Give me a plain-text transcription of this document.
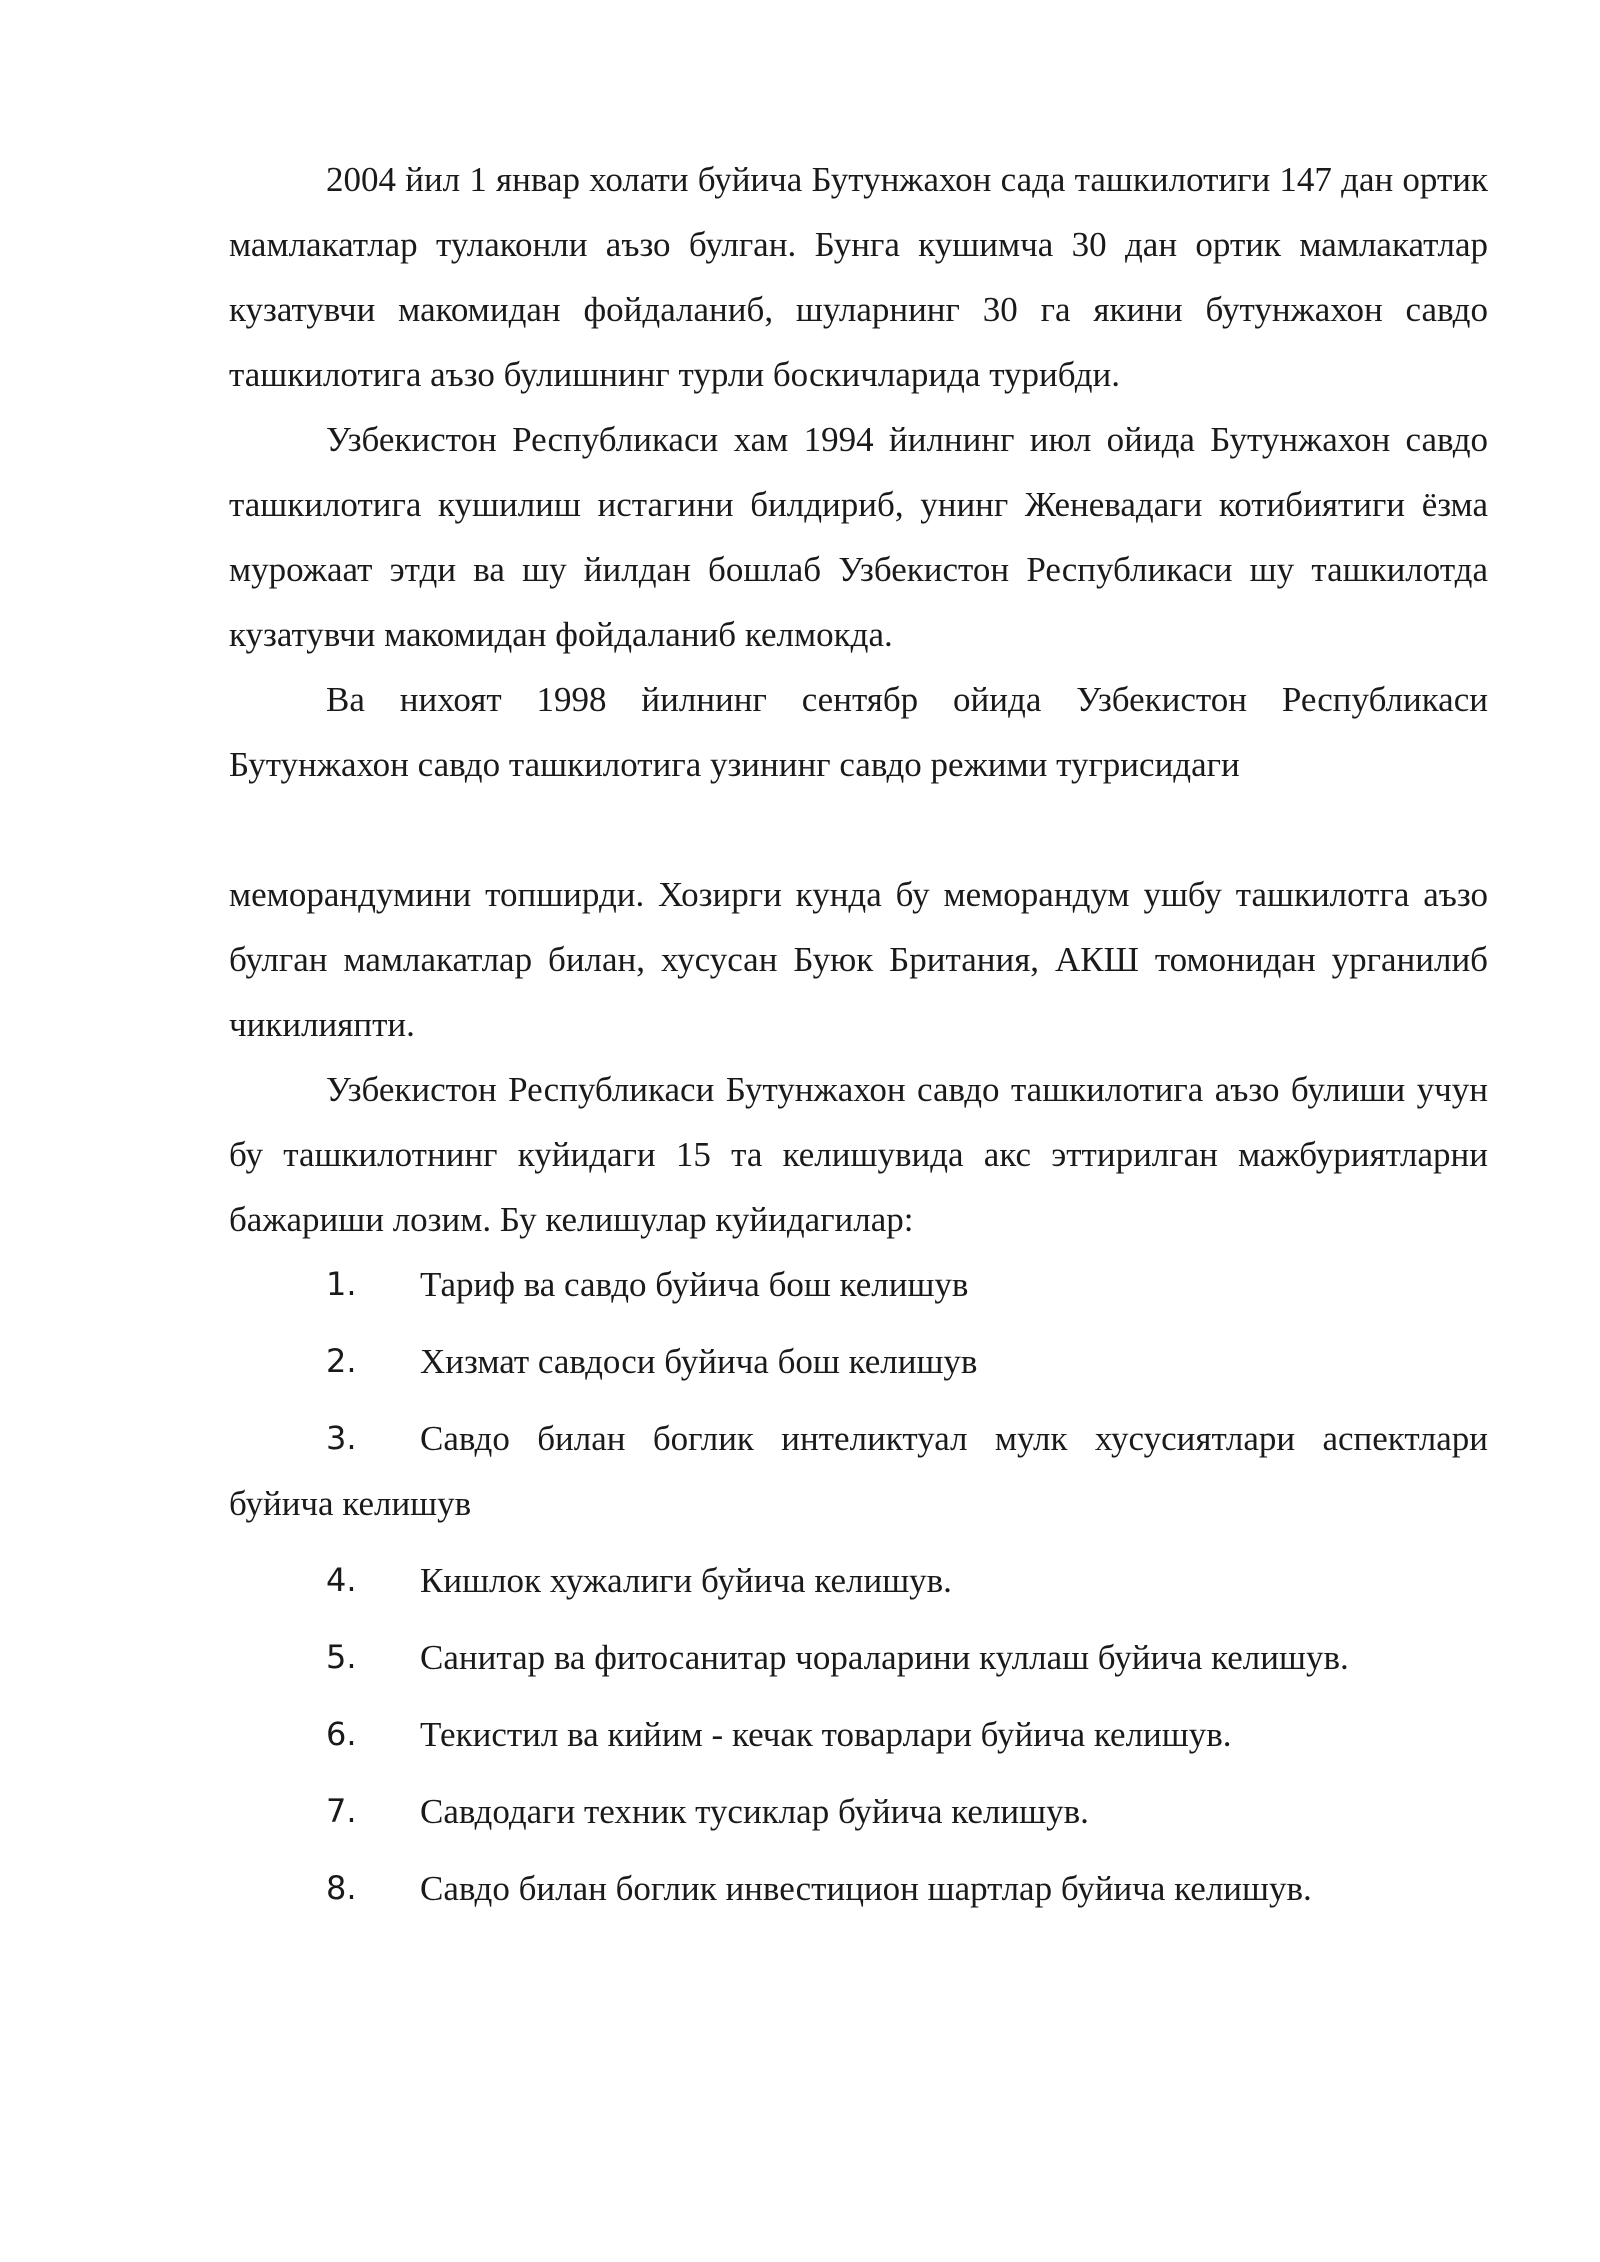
2004 йил 1 январ холати буйича Бутунжахон сада ташкилотиги 147 дан ортик мамлакатлар тулаконли аъзо булган. Бунга кушимча 30 дан ортик мамлакатлар кузатувчи макомидан фойдаланиб, шуларнинг 30 га якини бутунжахон савдо ташкилотига аъзо булишнинг турли боскичларида турибди.

Узбекистон Республикаси хам 1994 йилнинг июл ойида Бутунжахон савдо ташкилотига кушилиш истагини билдириб, унинг Женевадаги котибиятиги ёзма мурожаат этди ва шу йилдан бошлаб Узбекистон Республикаси шу ташкилотда кузатувчи макомидан фойдаланиб келмокда.

Ва нихоят 1998 йилнинг сентябр ойида Узбекистон Республикаси Бутунжахон савдо ташкилотига узининг савдо режими тугрисидаги

меморандумини топширди. Хозирги кунда бу меморандум ушбу ташкилотга аъзо булган мамлакатлар билан, хусусан Буюк Британия, АКШ томонидан урганилиб чикилияпти.

Узбекистон Республикаси Бутунжахон савдо ташкилотига аъзо булиши учун бу ташкилотнинг куйидаги 15 та келишувида акс эттирилган мажбуриятларни бажариши лозим. Бу келишулар куйидагилар:

1. Тариф ва савдо буйича бош келишув
2. Хизмат савдоси буйича бош келишув
3. Савдо билан боглик интеликтуал мулк хусусиятлари аспектлари буйича келишув
4. Кишлок хужалиги буйича келишув.
5. Санитар ва фитосанитар чораларини куллаш буйича келишув.
6. Текистил ва кийим - кечак товарлари буйича келишув.
7. Савдодаги техник тусиклар буйича келишув.
8. Савдо билан боглик инвестицион шартлар буйича келишув.
